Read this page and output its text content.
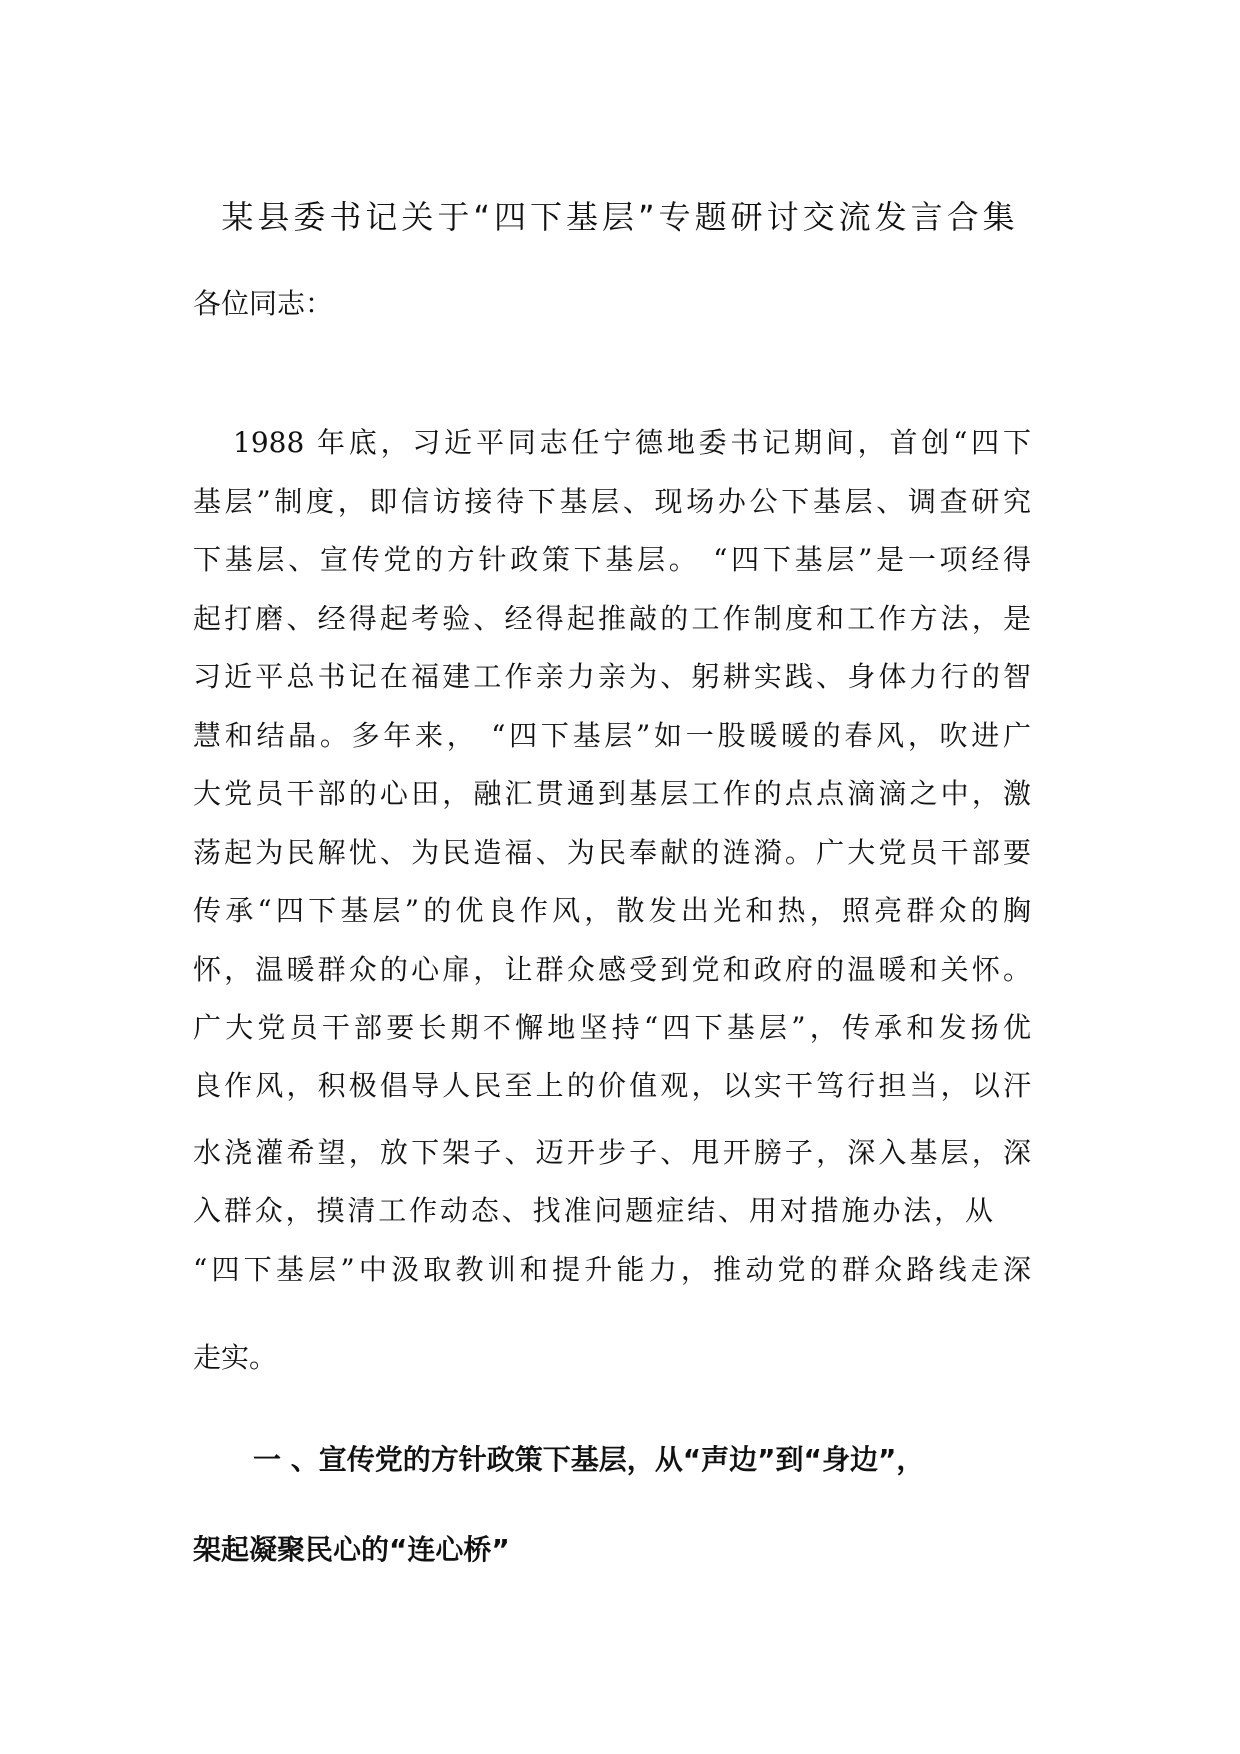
某县委书记关于“四下基层”专题研讨交流发言合集
各位同志：
1988 年底，习近平同志任宁德地委书记期间，首创“四下
基层”制度，即信访接待下基层、现场办公下基层、调查研究
下基层、宣传党的方针政策下基层。 “四下基层”是一项经得
起打磨、经得起考验、经得起推敲的工作制度和工作方法，是
习近平总书记在福建工作亲力亲为、躬耕实践、身体力行的智
慧和结晶。多年来， “四下基层”如一股暖暖的春风，吹进广
大党员干部的心田，融汇贯通到基层工作的点点滴滴之中，激
荡起为民解忧、为民造福、为民奉献的涟漪。广大党员干部要
传承“四下基层”的优良作风，散发出光和热，照亮群众的胸
怀，温暖群众的心扉，让群众感受到党和政府的温暖和关怀。
广大党员干部要长期不懈地坚持“四下基层”，传承和发扬优
良作风，积极倡导人民至上的价值观，以实干笃行担当，以汗
水浇灌希望，放下架子、迈开步子、甩开膀子，深入基层，深
入群众，摸清工作动态、找准问题症结、用对措施办法，从
“四下基层”中汲取教训和提升能力，推动党的群众路线走深
走实。
一 、宣传党的方针政策下基层，从“声边”到“身边”，
架起凝聚民心的“连心桥”
